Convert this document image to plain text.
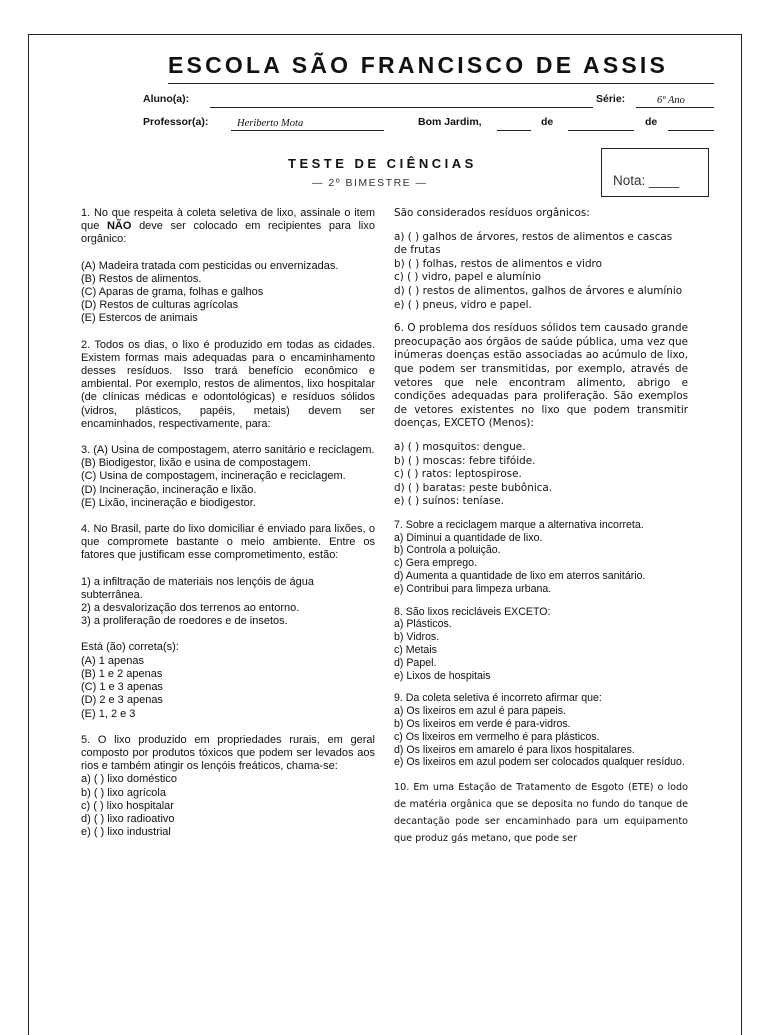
ESCOLA SÃO FRANCISCO DE ASSIS
Aluno(a):	Série:	6º Ano
Professor(a):	Heriberto Mota	Bom Jardim,	de	de
TESTE DE CIÊNCIAS
— 2º BIMESTRE —	Nota: ____

1. No que respeita à coleta seletiva de lixo, assinale o item que NÃO deve ser colocado em recipientes para lixo orgânico:

(A) Madeira tratada com pesticidas ou envernizadas.

(B) Restos de alimentos.

(C) Aparas de grama, folhas e galhos

(D) Restos de culturas agrícolas

(E) Estercos de animais

2. Todos os dias, o lixo é produzido em todas as cidades. Existem formas mais adequadas para o encaminhamento desses resíduos. Isso trará benefício econômico e ambiental. Por exemplo, restos de alimentos, lixo hospitalar (de clínicas médicas e odontológicas) e resíduos sólidos (vidros, plásticos, papéis, metais) devem ser encaminhados, respectivamente, para:

3. (A) Usina de compostagem, aterro sanitário e reciclagem.

(B) Biodigestor, lixão e usina de compostagem.

(C) Usina de compostagem, incineração e reciclagem.

(D) Incineração, incineração e lixão.

(E) Lixão, incineração e biodigestor.

4. No Brasil, parte do lixo domiciliar é enviado para lixões, o que compromete bastante o meio ambiente. Entre os fatores que justificam esse comprometimento, estão:

1) a infiltração de materiais nos lençóis de água subterrânea.

2) a desvalorização dos terrenos ao entorno.

3) a proliferação de roedores e de insetos.

Está (ão) correta(s):

(A) 1 apenas

(B) 1 e 2 apenas

(C) 1 e 3 apenas

(D) 2 e 3 apenas

(E) 1, 2 e 3

5. O lixo produzido em propriedades rurais, em geral composto por produtos tóxicos que podem ser levados aos rios e também atingir os lençóis freáticos, chama-se:

a) ( ) lixo doméstico

b) ( ) lixo agrícola

c) ( ) lixo hospitalar

d) ( ) lixo radioativo

e) ( ) lixo industrial

São considerados resíduos orgânicos:

a) ( ) galhos de árvores, restos de alimentos e cascas de frutas

b) ( ) folhas, restos de alimentos e vidro

c) ( ) vidro, papel e alumínio

d) ( ) restos de alimentos, galhos de árvores e alumínio

e) ( ) pneus, vidro e papel.

6. O problema dos resíduos sólidos tem causado grande preocupação aos órgãos de saúde pública, uma vez que inúmeras doenças estão associadas ao acúmulo de lixo, que podem ser transmitidas, por exemplo, através de vetores que nele encontram alimento, abrigo e condições adequadas para proliferação. São exemplos de vetores existentes no lixo que podem transmitir doenças, EXCETO (Menos):

a) ( ) mosquitos: dengue.

b) ( ) moscas: febre tifóide.

c) ( ) ratos: leptospirose.

d) ( ) baratas: peste bubônica.

e) ( ) suínos: teníase.

7. Sobre a reciclagem marque a alternativa incorreta.

a) Diminui a quantidade de lixo.

b) Controla a poluição.

c) Gera emprego.

d) Aumenta a quantidade de lixo em aterros sanitário.

e) Contribui para limpeza urbana.

8. São lixos recicláveis EXCETO:

a) Plásticos.

b) Vidros.

c) Metais

d) Papel.

e) Lixos de hospitais

9. Da coleta seletiva é incorreto afirmar que:

a) Os lixeiros em azul é para papeis.

b) Os lixeiros em verde é para-vidros.

c) Os lixeiros em vermelho é para plásticos.

d) Os lixeiros em amarelo é para lixos hospitalares.

e) Os lixeiros em azul podem ser colocados qualquer resíduo.

10. Em uma Estação de Tratamento de Esgoto (ETE) o lodo de matéria orgânica que se deposita no fundo do tanque de decantação pode ser encaminhado para um equipamento que produz gás metano, que pode ser
